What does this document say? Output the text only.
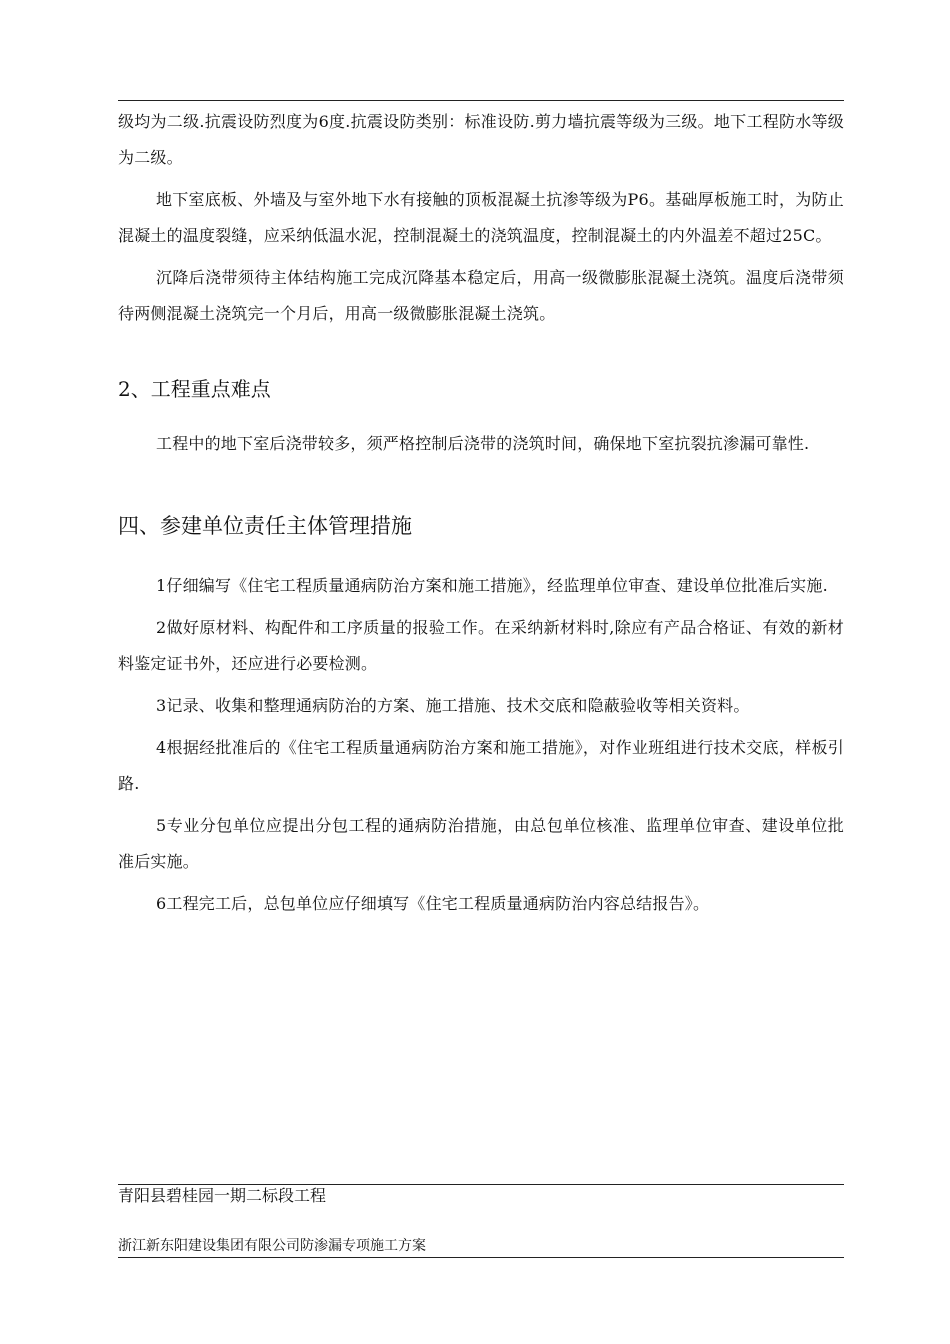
级均为二级.抗震设防烈度为6度.抗震设防类别：标准设防.剪力墙抗震等级为三级。地下工程防水等级为二级。

地下室底板、外墙及与室外地下水有接触的顶板混凝土抗渗等级为P6。基础厚板施工时，为防止混凝土的温度裂缝，应采纳低温水泥，控制混凝土的浇筑温度，控制混凝土的内外温差不超过25C。

沉降后浇带须待主体结构施工完成沉降基本稳定后，用高一级微膨胀混凝土浇筑。温度后浇带须待两侧混凝土浇筑完一个月后，用高一级微膨胀混凝土浇筑。

2、工程重点难点

工程中的地下室后浇带较多，须严格控制后浇带的浇筑时间，确保地下室抗裂抗渗漏可靠性.

四、参建单位责任主体管理措施

1仔细编写《住宅工程质量通病防治方案和施工措施》，经监理单位审查、建设单位批准后实施.

2做好原材料、构配件和工序质量的报验工作。在采纳新材料时,除应有产品合格证、有效的新材料鉴定证书外，还应进行必要检测。

3记录、收集和整理通病防治的方案、施工措施、技术交底和隐蔽验收等相关资料。

4根据经批准后的《住宅工程质量通病防治方案和施工措施》，对作业班组进行技术交底，样板引路.

5专业分包单位应提出分包工程的通病防治措施，由总包单位核准、监理单位审查、建设单位批准后实施。

6工程完工后，总包单位应仔细填写《住宅工程质量通病防治内容总结报告》。

青阳县碧桂园一期二标段工程
浙江新东阳建设集团有限公司防渗漏专项施工方案
